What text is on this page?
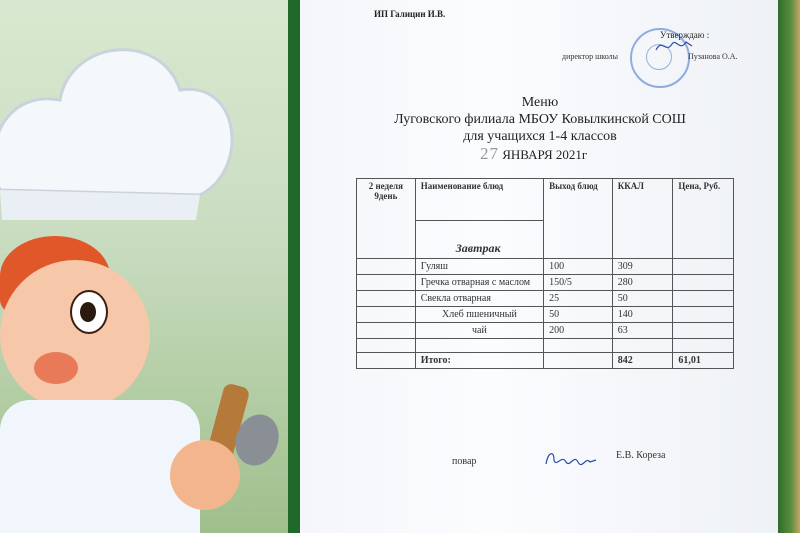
ИП Галицин И.В.
Утверждаю :
директор школы	Пузанова О.А.
Меню
Луговского филиала МБОУ Ковылкинской СОШ
для учащихся 1-4 классов
27 ЯНВАРЯ 2021г
2 неделя 9день	Наименование блюд	Выход блюд	ККАЛ	Цена, Руб.
	Завтрак			
	Гуляш	100	309	
	Гречка отварная с маслом	150/5	280	
	Свекла отварная	25	50	
	Хлеб пшеничный	50	140	
	чай	200	63	

	Итого:		842	61,01
повар
Е.В. Кореза
